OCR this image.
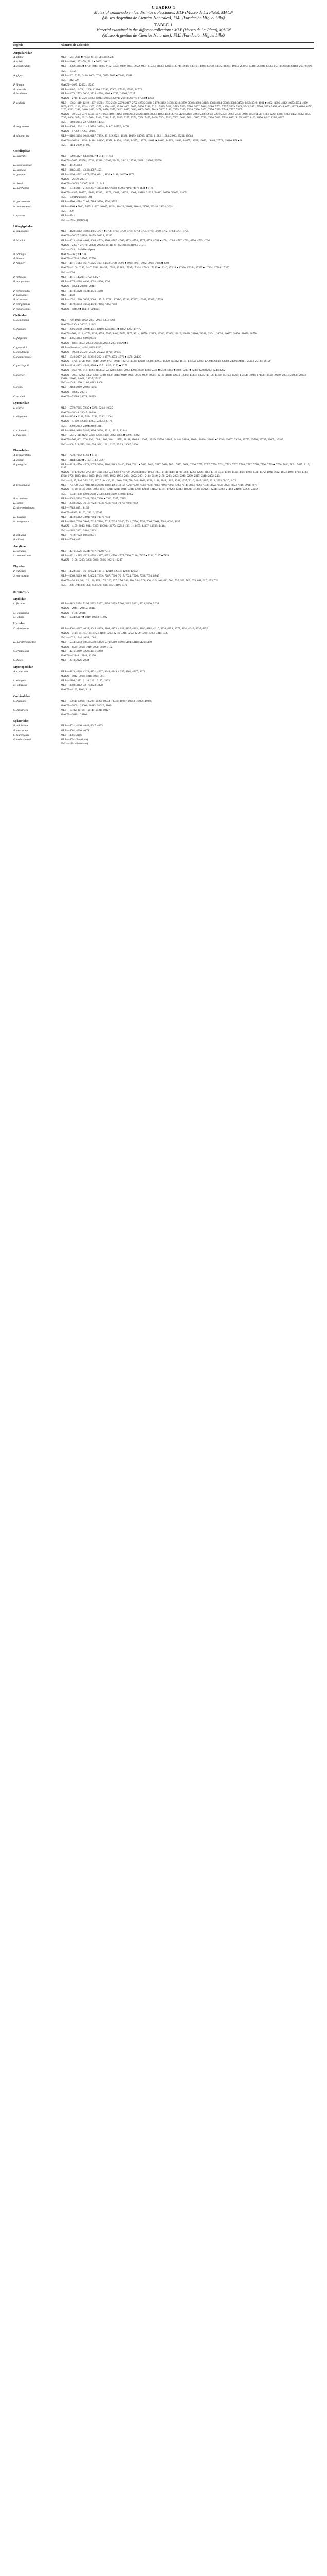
CUADRO 1
Material examinado en las distintas colecciones: MLP (Museo de La Plata), MACN
(Museo Argentino de Ciencias Naturales), FML (Fundación Miguel Lillo)
TABLE 1
Material examined in the different collections: MLP (Museo de La Plata), MACN
(Museo Argentino de Ciencias Naturales), FML (Fundación Miguel Lillo)
Especie	Números de Colección
Ampullariidae	
A. platae	MLP—564; 7618 ■ 7617; 29189; 28142; 28238
A. spixii	MLP—2260; 2272–78; 7610 ■ 7602; 3.6 ??
A. canaliculata	MLP—3862; 4315 ■ 4700; 5045; 6805; 9132; 9358; 9389; 9833; 9952; 9937; 11535; 11638; 12800; 13574; 13946; 14016; 14408; 14700; 14875; 18234; 19304; 20875; 23440; 25184; 25587; 25813; 26164; 28168; 26772; KN
	FML—18454
A. gigas	MLP—262; 5272; 6448; 6669; 6711; 7079; 7049 ■ 7083; 20888
	FML—312; 727
P. lineata	MACN—1085; 12092; 17230
P. australis	MLP—3407; 11478; 11506; 12186; 17342; 17903; 27353; 17519; 14576
P. insularum	MLP—2673; 2723; 3630; 3724; 4598; 6709 ■ 6785; 26268; 26227
	MACN—2710; 17532; 17590; 20013; 22058; 22071; 26613; 28877; 17593 ■ 17600
P. scalaris	MLP—1065; 1119; 1219; 1307; 1578; 1735; 2150; 2270; 2317; 2722; 2735; 3168; 3172; 3192; 3196; 3218; 3299; 3306; 3308; 3316; 3380; 3384; 3386; 3389; 3456; 3458; 3519; 4001 ■ 4002; 4006; 4012; 4025; 4034; 4069; 4079; 4203; 4222; 4224; 4307; 4379; 4390; 4430; 4510; 4602; 5019; 5096; 5240; 5291; 5319; 5408; 5519; 5539; 5580; 5607; 5616; 5680; 5703; 5757; 5909; 5942; 5943; 5951; 5968; 5979; 5992; 6044; 6072; 6078; 6108; 6156; 6176; 6222; 6339; 6400; 6432; 6471; 6478; 6579; 6622; 6817; 6886; 6965; 7001; 7049; 7067; 7183; 7275; 7289; 7334; 7390; 7403; 7496; 7525; 7546; 7557; 7587
	MACN—30; 357; 557; 1040; 1057; 1065; 1169; 1219; 1408; 2244; 2522; 3169; 3378; 4105; 4352; 4375; 5129; 5264; 5498; 5582; 5668; 5767; 5855; 5929; 5950; 5996; 6057; 6158; 6188; 6220; 6328; 6409; 6452; 6502; 6656; 6739; 6800; 6874; 6913; 7034; 7102; 7116; 7165; 7185; 7255; 7374; 7398; 7457; 7468; 7504; 7526; 7562; 7612; 7661; 7687; 7722; 7826; 7839; 7918; 8052; 8103; 8107; 8133; 8190; 8247; 8286; 8307
	FML—1493; 2044; 2275; 8302; 14051
P. megastoma	MLP—4004; 1034; 1145; 9754; 10754; 14947; 14759; 14748
	MACN—17562; 17563; 20065
A. sinamarina	MLP—3102; 3104; 9048; 6487; 7839; 9912; 9 9922; 10388; 10389; 11709; 11722; 11982; 11983; 2066; 29211; 31083
	MACN—26318; 13356; 14414; 14436; 12978; 14494; 14542; 14557; 14578; 14681 ■ 14682; 14683; 14699; 14817; 14952; 15009; 19409; 20572; 29186; KN ■ 6
	FML—1104; 2089; 11009
Cochliopidae	
H. australis	MLP—1292; 4327; 6438; 9137 ■ 9141; 11744
	MACN—2023; 15258; 15718; 19310; 20069; 22473; 28421; 28792; 28981; 28965; 29796
H. castellanosae	MLP—4612; 4613
H. cuneata	MLP—3485; 4051; 4342; 4587; 4501
H. piscium	MLP—2396; 4062; 4475; 5530; 6541; 9136 ■ 9148; 9167 ■ 9170
	MACN—26779; 29517
H. baeri	MACN—20063; 20067; 28221; 31341
H. parchappii	MLP—1013; 2161; 2168; 2377; 3394; 4467; 6698; 6708; 7190; 7457; 9134 ■ 9176
	MACN—6349; 10457; 13043; 13312; 14078; 16001; 16970; 18304; 19288; 21325; 24612; 26790; 29002; 31005
	FML—180 (Paratipos); 304
H. pucaraensis	MLP—4700; 4784; 7108; 7109; 9590; 9592; 9595
H. neuquenensis	MLP—4366 ■ 7006; 5495; 11667; 10025; 10234; 10428; 28631; 28641; 28704; 29318; 29531; 30241
	FML—259
L. sparsus	MLP—4341
	FML—1455 (Paratipos)
Lithoglyphidae	
E. sapogensis	MLP—4428; 4612; 4608; 4705; 4707 ■ 4708; 4769; 4770; 4771; 4773; 4775; 4779; 4780; 4782; 4784; 4791; 4795
	MACN—20017; 20156; 20159; 20221; 20223
P. bisuchii	MLP—4613; 4646; 4663; 4665; 4763; 4764; 4767; 4769; 4771; 4774; 4777; 4778; 4781 ■ 4784; 4786; 4787; 4789; 4790; 4795; 4796
	MACN—23037; 27878; 28878; 29049; 29111; 29125; 30142; 31003; 31011
	FML—1043; 1044 (Paratipos)
P. oblongus	MACN—360; 2 ■ 670
P. lineare	MACN—17318; 20705; 27750
P. hopfneri	MLP—4611; 4613; 4617; 4625; 4631; 4632; 4798; 4990 ■ 6999; 7961; 7962; 7964; 7966 ■ 8002
	MACN—3106; 6249; 9147; 9541; 10458; 10923; 15185; 15297; 17104; 17243; 17313 ■ 17316; 17318 ■ 17320; 17354; 17355 ■ 17364; 17369; 17377
	FML—2050
P. nebulosa	MLP—4611; 14720; 14722; 14727
P. patagonicus	MLP—4675; 4688; 4692; 4693; 4696; 4698
	MACN—18984; 29408; 29417
P. peristomatus	MLP—4613; 4628; 4634; 4636; 4668
P. sterkianus	MLP—4638
P. pirinsaana	MLP—1092; 1510; 3055; 5068; 14715; 17011; 17180; 17216; 17237; 19947; 25935; 27551
P. philippianus	MLP—4619; 4653; 4659; 4670; 7066; 7085; 7058
P. minutissimus	MACN—18412 ■ 18418 (Sintipos)
Chilinidae	
C. dombeiana	MLP—770; 1918; 2062; 2087; 2913; 5253; 9286
	MACN—29049; 30623; 31043
C. fluminea	MLP—2306; 2658; 3204; 4541; 8219; 8236; 8241 ■ 8242; 8267; 11775
	MACN—568; 1312; 4773; 4932; 4958; 9945; 9460; 9873; 9875; 9914; 10778; 12112; 19300; 22312; 23019; 23028; 24108; 24242; 25041; 26093; 26097; 28170; 28670; 28770
C. fulgurata	MLP—4305; 4384; 9398; 9936
	MACN—8834; 8859; 20051; 20052; 20053; 20071; KN ■ 3
C. gallardoi	MLP—(Paratipos) 4491; 8215; 8232
C. mendozana	MACN—19518; 25521; 25536; 26522; 26729; 29195
C. neuquenensis	MLP—1940; 2377; 2613; 2618; 2621; 3677; 4073; 4572 ■ 4578; 28425
	MACN—4791; 6751; 9641; 9646; 9989; 9791; 9981; 10275; 11332; 12088; 12089; 14934; 15370; 15402; 16134; 16152; 17080; 17394; 23046; 23068; 24009; 24011; 25003; 25125; 26129
C. parchappii	MLP—2216; 4432; 4542; 4568 ■ 4571; 8245; 8270 ■ 8277
	MACN—560; 746; 911; 1128; 2153; 2152; 2287; 2984; 2999; 4598; 4666; 4786; 5730 ■ 5740; 5963 ■ 5966; 7233 ■ 7236; 8222; 8237; 8246; 8262
C. perrieri	MACN—3003; 4222; 4332; 4338; 9368; 9380; 9848; 9919; 9928; 9936; 9939; 9951; 10212; 11884; 12374; 12386; 14373; 14515; 15156; 15160; 15163; 15225; 15454; 16004; 17153; 19942; 19949; 20041; 20058; 20074; 23010; 23069; 24008; 24237; 25150
	FML—1044; 1056; 1102; 8283; 8308
C. rushii	MLP—2163; 2269; 2908; 12567
	MACN—10865; 20017
C. strebeli	MACN—23586; 28678; 28679
Lymnaeidae	
L. viatrix	MLP—5072; 7615; 7235 ■ 7276; 7264; 10025
	MACN—28644; 28645; 28646
L. diaphana	MLP—3234 ■ 3238; 5284; 9241; 9242; 12061
	MACN—11900; 12580; 17053; 23175; 23176
	FML—2392; 2393; 2394; 2402; 3011
L. columella	MLP—9280; 9288; 9282; 9296; 9298; 9312; 12113; 12344
L. rupestris	MLP—543; 2111; 2125; 2364; 2366; 4469; 5022; 6985 ■ 6992; 12392
	MACN—563; 601; 676; 890; 1064; 1102; 3461; 11156; 11191; 11634; 12065; 14929; 15590; 20185; 24148; 24216; 28084; 28088; 28094 ■ 28096; 29407; 29616; 29773; 29786; 29787; 30005; 30189
	FML—368; 518; 525; 546; 599; 991; 1611; 2202; 2593; 19087; 23301
Planorbidae	
A. tenuidentatus	MLP—7278; 7642; 8163 ■ 8164
A. cortisii	MLP—3184; 5112 ■ 5123; 5133; 5127
B. peregrina	MLP—4318; 4570; 4572; 5075; 5090; 5100; 5183; 5440; 5609; 7611 ■ 7612; 7613; 7617; 7616; 7631; 7652; 7668; 7696; 7755; 7757; 7758; 7761; 7763; 7767; 7768; 7787; 7788; 7790; 7795 ■ 7796; 7826; 7831; 7835; 8115; 8147
	MACN—9; 170; 225; 277; 387; 461; 485; 524; 626; 677; 700; 795; 834; 877; 1017; 1074; 1111; 1144; 1173; 1203; 1229; 1262; 1283; 1318; 1341; 1404; 1449; 1464; 1496; 1531; 1572; 1601; 1632; 1655; 1692; 1704; 1733; 1764; 1796; 1830; 1864; 1893; 1913; 1945; 1962; 1994; 2034; 2052; 2081; 2114; 2149; 2178; 2203; 2223; 2248; 2279; 2317; 2341; 2372; 2404
	FML—12; 95; 140; 202; 226; 227; 310; 436; 531; 600; 658; 738; 946; 1003; 1052; 1141; 1149; 1202; 1241; 1337; 2116; 2147; 2165; 2211; 2393; 2420; 2475
B. tenagophila	MLP—70; 778; 758; 781; 2161; 2250; 3986; 4661; 4812; 7326; 7339; 7446; 7449; 7695; 7698; 7700; 7705; 7814; 7815; 7828; 7838; 7852; 7853; 7854; 7855; 7916; 7961; 7977
	MACN—1196; 3016; 3026; 3029; 3041; 5211; 6201; 9018; 9301; 9368; 12148; 12152; 13161; 17223; 17343; 18001; 18126; 18212; 18244; 19403; 21163; 23198; 23256; 24042
	FML—1043; 1188; 1209; 2058; 2198; 3080; 3089; 14081; 14092
B. straminea	MLP—5082; 5124; 7241; 7293; 7320 ■ 7322; 7325; 7615
D. cimex	MLP—2059; 2025; 7618; 7623; 7633; 7640; 7643; 7670; 7691; 7692
D. depressissimum	MLP—7389; 8151; 8152
	MACN—8939; 11102; 28016; 29207
D. lucidum	MLP—3172; 5062; 7391; 7394; 7397; 7643
H. marginatus	MLP—3102; 7606; 7608; 7615; 7618; 7625; 7634; 7640; 7641; 7650; 7653; 7660; 7661; 7682; 8016; 8037
	MACN—4109; 6042; 9214; 9367; 11003; 12175; 12214; 13311; 13455; 14037; 14318; 14444
	FML—1165; 2092; 2401; 2413
B. orbignyi	MLP—7612; 7623; 8060; 8071
B. oliveri	MLP—7609; 8151
Ancylidae	
H. obliquus	MLP—4516; 4526; 4534; 7617; 7620; 7711
U. concentricus	MLP—4511; 4515; 4522; 4528; 4537; 4552; 4570; 4575; 7116; 7120; 7127 ■ 7134; 7137 ■ 7139
	MACN—3196; 3235; 3238; 7061; 7086; 19216; 19217
Physidae	
P. cubensis	MLP—4522; 4601; 4618; 6924; 10814; 12010; 12044; 12088; 12192
S. marmorata	MLP—5068; 5069; 6015; 6025; 7239; 7287; 7606; 7618; 7624; 7626; 7652; 7658; 8045
	MACN—28; 83; 98; 122; 130; 153; 172; 200; 227; 256; 283; 310; 344; 371; 406; 429; 463; 482; 501; 537; 560; 589; 623; 641; 667; 695; 724
	FML—238; 374; 378; 398; 453; 571; 601; 655; 1019; 1076
BIVALVIA	
Mytilidae	
L. fortunei	MLP—4113; 5274; 5290; 5293; 5297; 5298; 5299; 5301; 5302; 5322; 5324; 5330; 5338
	MACN—29411; 29412; 29415
M. charruana	MACN—9178; 29118
M. edulis	MLP—6034; 6017 ■ 6019; 10993; 11022
Hyriidae	
D. delodontus	MLP—4002; 4017; 4023; 4045; 4079; 4104; 4123; 4148; 4157; 4163; 4186; 4202; 4210; 4234; 4251; 4273; 4291; 4318; 4337; 4359
	MACN—3114; 3117; 3135; 3158; 3169; 3203; 3216; 3248; 3252; 3279; 3288; 3305; 3311; 3329
	FML—1022; 1044; 1058; 1065
D. parallelopipedon	MLP—5044; 5053; 5056; 5059; 5062; 5071; 5089; 5096; 5104; 5118; 5126; 5140
	MACN—6521; 7014; 7019; 7056; 7089; 7102
C. rhuacoicus	MLP—4216; 4219; 4223; 4241; 4260
	MACN—12144; 12148; 12156
C. batesi	MLP—2018; 2026; 2034
Mycetopodidae	
A. trapesialis	MLP—4213; 4218; 4224; 4231; 4237; 4243; 4249; 4255; 4261; 4267; 4273
	MACN—5012; 5014; 5018; 5025; 5031
L. elongata	MLP—2104; 2112; 2118; 2121; 2127; 2133
M. siliquosa	MLP—3308; 3312; 3317; 3323; 3328
	MACN—1102; 1106; 1111
Corbiculidae	
C. fluminea	MLP—10011; 10016; 10023; 10029; 10034; 10041; 10047; 10053; 10059; 10066
	MACN—28001; 28006; 28013; 28019; 28024
C. largillierti	MLP—10102; 10109; 10114; 10121; 10127
	MACN—28101; 28106
Sphaeriidae	
P. pulchellum	MLP—4031; 4036; 4042; 4047; 4053
P. sterkianum	MLP—4061; 4066; 4071
S. lauricochae	MLP—4081; 4086
E. meier-brooki	MLP—4091 (Paratipos)
	FML—1101 (Paratipos)
